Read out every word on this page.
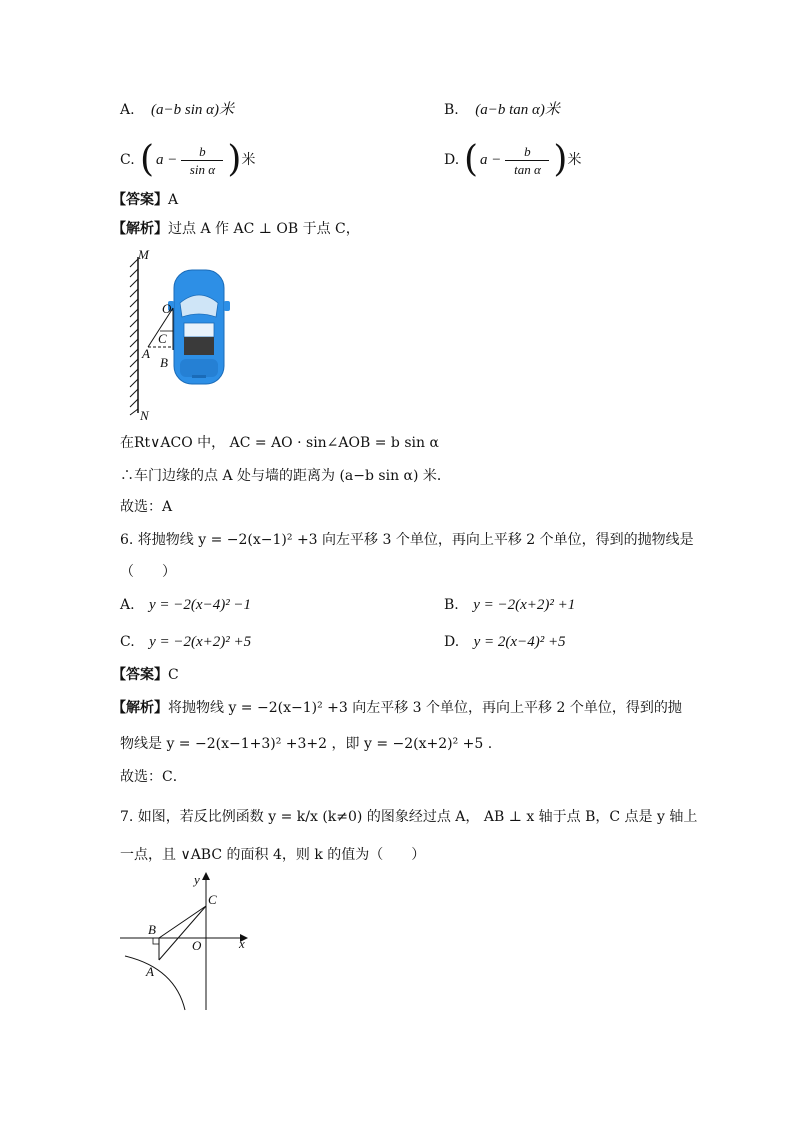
A. (a−b sin α)米	B. (a−b tan α)米
C. ( a −
b
sin α ) 米	D. ( a −
b
tan α ) 米
【答案】A
【解析】过点 A 作 AC ⊥ OB 于点 C，
M
N
O
C
A
B
在Rt∨ACO 中， AC = AO · sin∠AOB = b sin α
∴车门边缘的点 A 处与墙的距离为 (a−b sin α) 米．
故选：A
6. 将抛物线 y = −2(x−1)² +3 向左平移 3 个单位，再向上平移 2 个单位，得到的抛物线是
（　　）
A. y = −2(x−4)² −1	B. y = −2(x+2)² +1
C. y = −2(x+2)² +5	D. y = 2(x−4)² +5
【答案】C
【解析】将抛物线 y = −2(x−1)² +3 向左平移 3 个单位，再向上平移 2 个单位，得到的抛
物线是 y = −2(x−1+3)² +3+2 ，即 y = −2(x+2)² +5 .
故选：C．
7. 如图，若反比例函数 y = k/x (k≠0) 的图象经过点 A， AB ⊥ x 轴于点 B，C 点是 y 轴上
一点，且 ∨ABC 的面积 4，则 k 的值为（　　）
x
y
O
B
A
C
